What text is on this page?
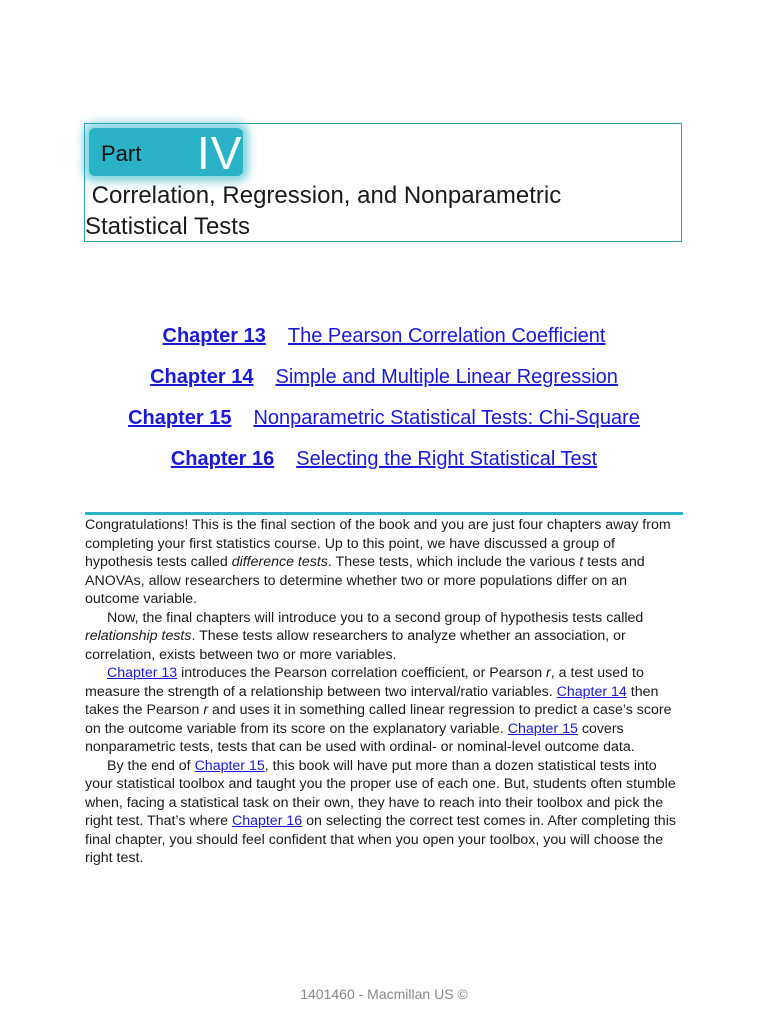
Part IV
Correlation, Regression, and Nonparametric Statistical Tests
Chapter 13 The Pearson Correlation Coefficient
Chapter 14 Simple and Multiple Linear Regression
Chapter 15 Nonparametric Statistical Tests: Chi-Square
Chapter 16 Selecting the Right Statistical Test

Congratulations! This is the final section of the book and you are just four chapters away from completing your first statistics course. Up to this point, we have discussed a group of hypothesis tests called difference tests. These tests, which include the various t tests and ANOVAs, allow researchers to determine whether two or more populations differ on an outcome variable.

Now, the final chapters will introduce you to a second group of hypothesis tests called relationship tests. These tests allow researchers to analyze whether an association, or correlation, exists between two or more variables.

Chapter 13 introduces the Pearson correlation coefficient, or Pearson r, a test used to measure the strength of a relationship between two interval/ratio variables. Chapter 14 then takes the Pearson r and uses it in something called linear regression to predict a case’s score on the outcome variable from its score on the explanatory variable. Chapter 15 covers nonparametric tests, tests that can be used with ordinal- or nominal-level outcome data.

By the end of Chapter 15, this book will have put more than a dozen statistical tests into your statistical toolbox and taught you the proper use of each one. But, students often stumble when, facing a statistical task on their own, they have to reach into their toolbox and pick the right test. That’s where Chapter 16 on selecting the correct test comes in. After completing this final chapter, you should feel confident that when you open your toolbox, you will choose the right test.

1401460 - Macmillan US ©
